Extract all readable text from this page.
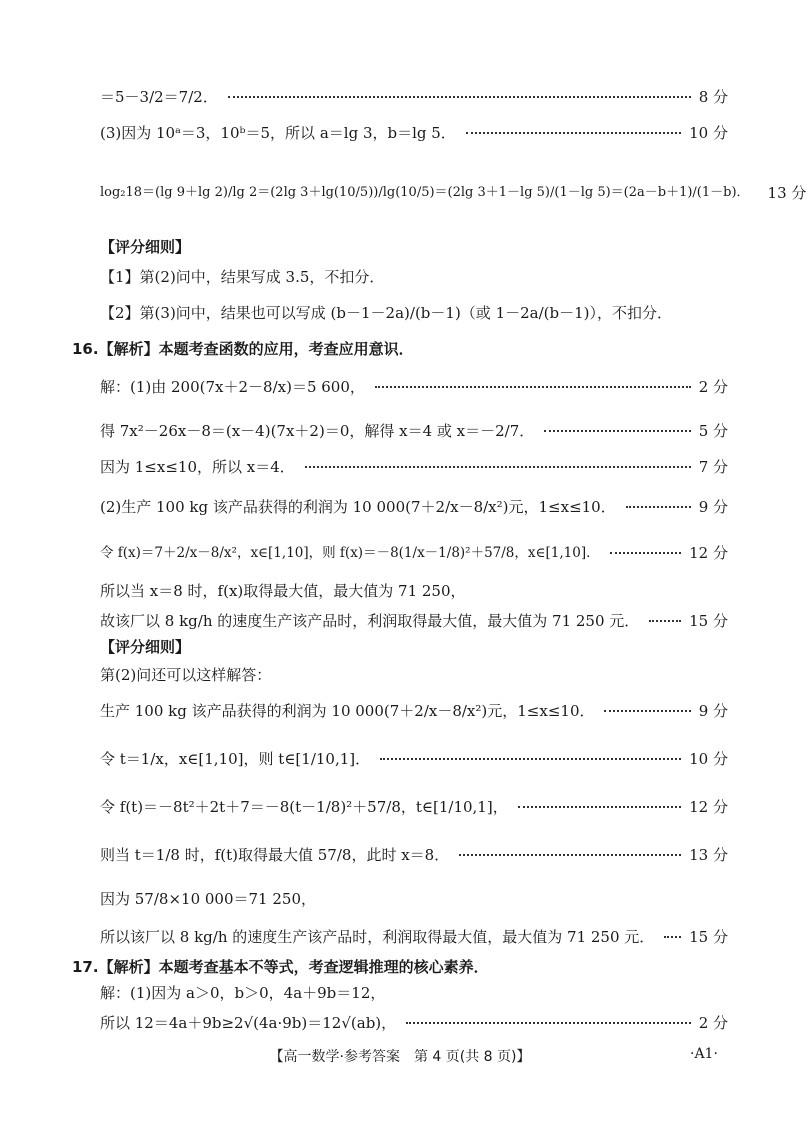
＝5－3/2＝7/2．	8 分
(3)因为 10ᵃ＝3，10ᵇ＝5，所以 a＝lg 3，b＝lg 5．	10 分
log₂18＝(lg 9＋lg 2)/lg 2＝(2lg 3＋lg(10/5))/lg(10/5)＝(2lg 3＋1－lg 5)/(1－lg 5)＝(2a－b＋1)/(1－b)． 13 分
【评分细则】
【1】第(2)问中，结果写成 3.5，不扣分．
【2】第(3)问中，结果也可以写成 (b－1－2a)/(b－1)（或 1－2a/(b－1)），不扣分．
16.【解析】本题考查函数的应用，考查应用意识．
解：(1)由 200(7x＋2－8/x)＝5 600，	2 分
得 7x²－26x－8＝(x－4)(7x＋2)＝0，解得 x＝4 或 x＝－2/7．	5 分
因为 1≤x≤10，所以 x＝4．	7 分
(2)生产 100 kg 该产品获得的利润为 10 000(7＋2/x－8/x²)元，1≤x≤10．	9 分
令 f(x)＝7＋2/x－8/x²，x∈[1,10]，则 f(x)＝－8(1/x－1/8)²＋57/8，x∈[1,10]．	12 分
所以当 x＝8 时，f(x)取得最大值，最大值为 71 250，
故该厂以 8 kg/h 的速度生产该产品时，利润取得最大值，最大值为 71 250 元．	15 分
【评分细则】
第(2)问还可以这样解答：
生产 100 kg 该产品获得的利润为 10 000(7＋2/x－8/x²)元，1≤x≤10．	9 分
令 t＝1/x，x∈[1,10]，则 t∈[1/10,1]．	10 分
令 f(t)＝－8t²＋2t＋7＝－8(t－1/8)²＋57/8，t∈[1/10,1]，	12 分
则当 t＝1/8 时，f(t)取得最大值 57/8，此时 x＝8．	13 分
因为 57/8×10 000＝71 250，
所以该厂以 8 kg/h 的速度生产该产品时，利润取得最大值，最大值为 71 250 元． 15 分
17.【解析】本题考查基本不等式，考查逻辑推理的核心素养．
解：(1)因为 a＞0，b＞0，4a＋9b＝12，
所以 12＝4a＋9b≥2√(4a·9b)＝12√(ab)，	2 分
【高一数学·参考答案　第 4 页(共 8 页)】	·A1·
